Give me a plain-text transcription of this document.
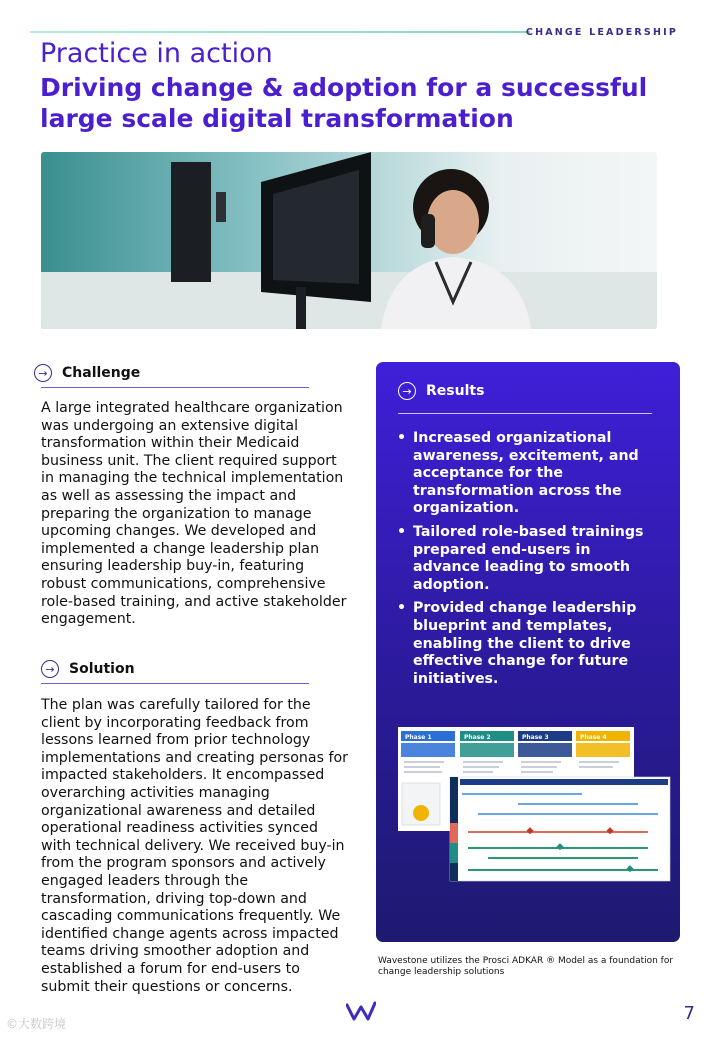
CHANGE LEADERSHIP
Practice in action
Driving change & adoption for a successful large scale digital transformation
→	Challenge

A large integrated healthcare organization was undergoing an extensive digital transformation within their Medicaid business unit. The client required support in managing the technical implementation as well as assessing the impact and preparing the organization to manage upcoming changes. We developed and implemented a change leadership plan ensuring leadership buy-in, featuring robust communications, comprehensive role-based training, and active stakeholder engagement.

→	Solution

The plan was carefully tailored for the client by incorporating feedback from lessons learned from prior technology implementations and creating personas for impacted stakeholders. It encompassed overarching activities managing organizational awareness and detailed operational readiness activities synced with technical delivery. We received buy-in from the program sponsors and actively engaged leaders through the transformation, driving top-down and cascading communications frequently. We identified change agents across impacted teams driving smoother adoption and established a forum for end-users to submit their questions or concerns.

→	Results
• Increased organizational awareness, excitement, and acceptance for the transformation across the organization.
• Tailored role-based trainings prepared end-users in advance leading to smooth adoption.
• Provided change leadership blueprint and templates, enabling the client to drive effective change for future initiatives.
Phase 1	Phase 2	Phase 3	Phase 4

Wavestone utilizes the Prosci ADKAR ® Model as a foundation for change leadership solutions

7
©大数跨境
